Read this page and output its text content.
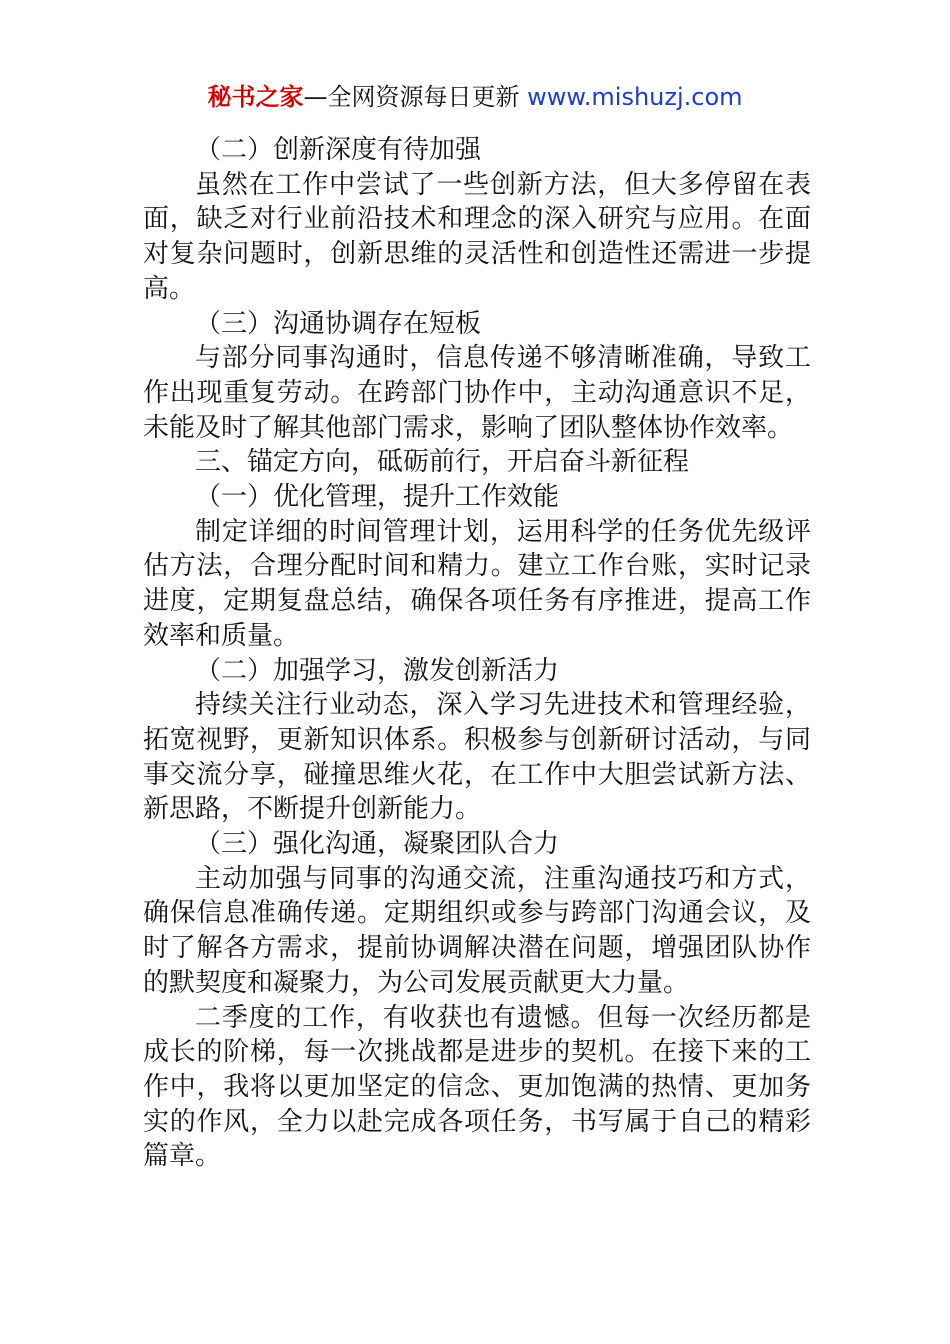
秘书之家—全网资源每日更新 www.mishuzj.com

（二）创新深度有待加强

虽然在工作中尝试了一些创新方法，但大多停留在表面，缺乏对行业前沿技术和理念的深入研究与应用。在面对复杂问题时，创新思维的灵活性和创造性还需进一步提高。

（三）沟通协调存在短板

与部分同事沟通时，信息传递不够清晰准确，导致工作出现重复劳动。在跨部门协作中，主动沟通意识不足，未能及时了解其他部门需求，影响了团队整体协作效率。

三、锚定方向，砥砺前行，开启奋斗新征程

（一）优化管理，提升工作效能

制定详细的时间管理计划，运用科学的任务优先级评估方法，合理分配时间和精力。建立工作台账，实时记录进度，定期复盘总结，确保各项任务有序推进，提高工作效率和质量。

（二）加强学习，激发创新活力

持续关注行业动态，深入学习先进技术和管理经验，拓宽视野，更新知识体系。积极参与创新研讨活动，与同事交流分享，碰撞思维火花，在工作中大胆尝试新方法、新思路，不断提升创新能力。

（三）强化沟通，凝聚团队合力

主动加强与同事的沟通交流，注重沟通技巧和方式，确保信息准确传递。定期组织或参与跨部门沟通会议，及时了解各方需求，提前协调解决潜在问题，增强团队协作的默契度和凝聚力，为公司发展贡献更大力量。

二季度的工作，有收获也有遗憾。但每一次经历都是成长的阶梯，每一次挑战都是进步的契机。在接下来的工作中，我将以更加坚定的信念、更加饱满的热情、更加务实的作风，全力以赴完成各项任务，书写属于自己的精彩篇章。
